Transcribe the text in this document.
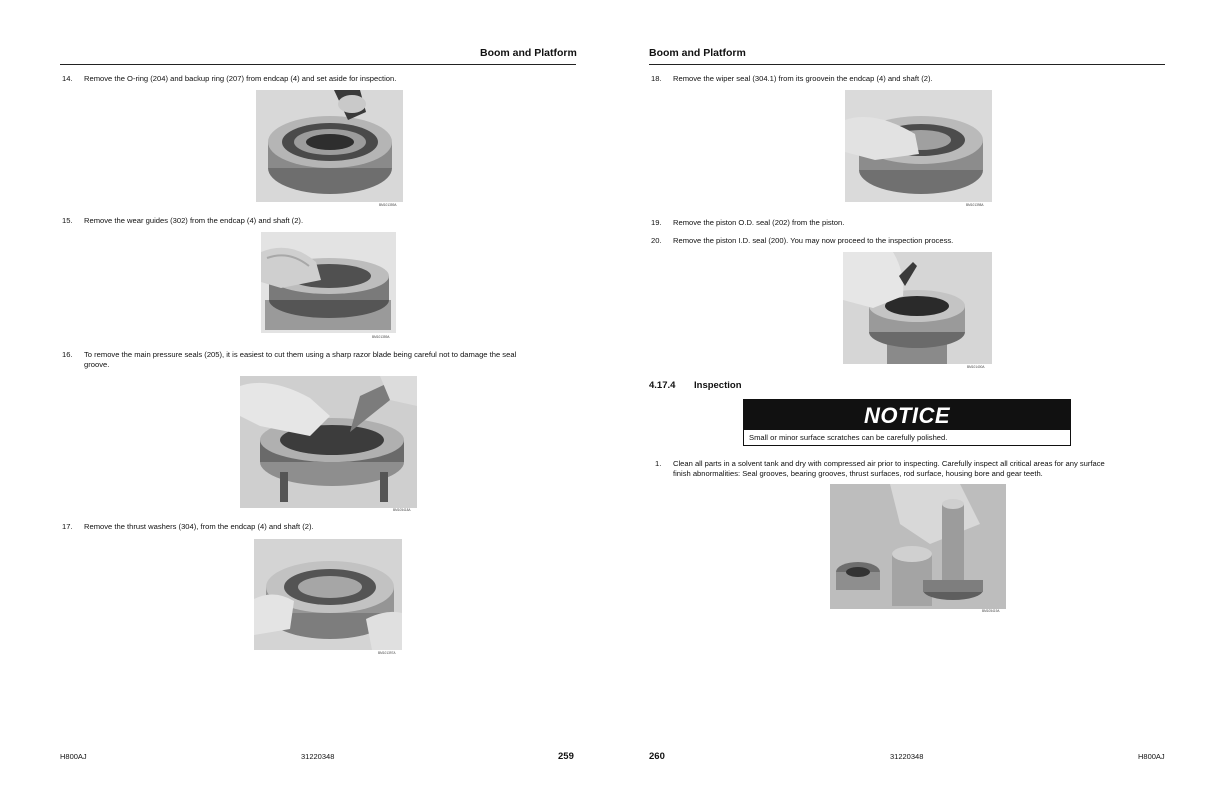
Boom and Platform
14.	Remove the O-ring (204) and backup ring (207) from endcap (4) and set aside for inspection.
BM101359A
15.	Remove the wear guides (302) from the endcap (4) and shaft (2).
BM101359A
16.	To remove the main pressure seals (205), it is easiest to cut them using a sharp razor blade being careful not to damage the seal
groove.
BM105418A
17.	Remove the thrust washers (304), from the endcap (4) and shaft (2).
BM101397A
H800AJ	31220348	259
Boom and Platform
18.	Remove the wiper seal (304.1) from its groovein the endcap (4) and shaft (2).
BM101398A
19.	Remove the piston O.D. seal (202) from the piston.
20.	Remove the piston I.D. seal (200). You may now proceed to the inspection process.
BM101400A
4.17.4 Inspection
NOTICE
Small or minor surface scratches can be carefully polished.
1.	Clean all parts in a solvent tank and dry with compressed air prior to inspecting. Carefully inspect all critical areas for any surface
finish abnormalities: Seal grooves, bearing grooves, thrust surfaces, rod surface, housing bore and gear teeth.
BM105419A
260	31220348	H800AJ
